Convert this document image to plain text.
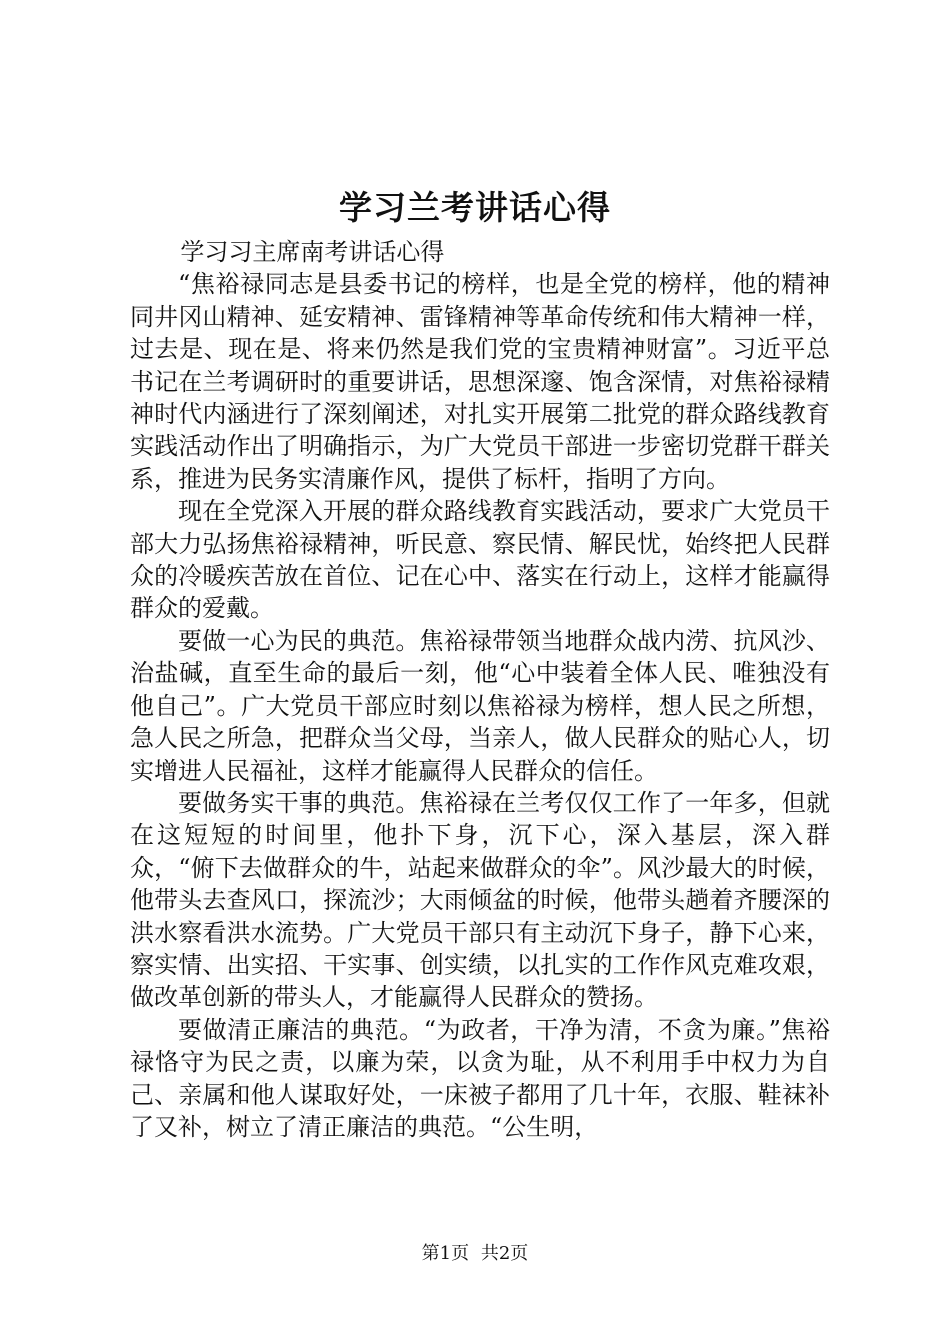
学习兰考讲话心得

学习习主席南考讲话心得

“焦裕禄同志是县委书记的榜样，也是全党的榜样，他的精神同井冈山精神、延安精神、雷锋精神等革命传统和伟大精神一样，过去是、现在是、将来仍然是我们党的宝贵精神财富”。习近平总书记在兰考调研时的重要讲话，思想深邃、饱含深情，对焦裕禄精神时代内涵进行了深刻阐述，对扎实开展第二批党的群众路线教育实践活动作出了明确指示，为广大党员干部进一步密切党群干群关系，推进为民务实清廉作风，提供了标杆，指明了方向。

现在全党深入开展的群众路线教育实践活动，要求广大党员干部大力弘扬焦裕禄精神，听民意、察民情、解民忧，始终把人民群众的冷暖疾苦放在首位、记在心中、落实在行动上，这样才能赢得群众的爱戴。

要做一心为民的典范。焦裕禄带领当地群众战内涝、抗风沙、治盐碱，直至生命的最后一刻，他“心中装着全体人民、唯独没有他自己”。广大党员干部应时刻以焦裕禄为榜样，想人民之所想，急人民之所急，把群众当父母，当亲人，做人民群众的贴心人，切实增进人民福祉，这样才能赢得人民群众的信任。

要做务实干事的典范。焦裕禄在兰考仅仅工作了一年多，但就在这短短的时间里，他扑下身，沉下心，深入基层，深入群众，“俯下去做群众的牛，站起来做群众的伞”。风沙最大的时候，他带头去查风口，探流沙；大雨倾盆的时候，他带头趟着齐腰深的洪水察看洪水流势。广大党员干部只有主动沉下身子，静下心来，察实情、出实招、干实事、创实绩，以扎实的工作作风克难攻艰，做改革创新的带头人，才能赢得人民群众的赞扬。

要做清正廉洁的典范。“为政者，干净为清，不贪为廉。”焦裕禄恪守为民之责，以廉为荣，以贪为耻，从不利用手中权力为自己、亲属和他人谋取好处，一床被子都用了几十年，衣服、鞋袜补了又补，树立了清正廉洁的典范。“公生明，

第1页 共2页
